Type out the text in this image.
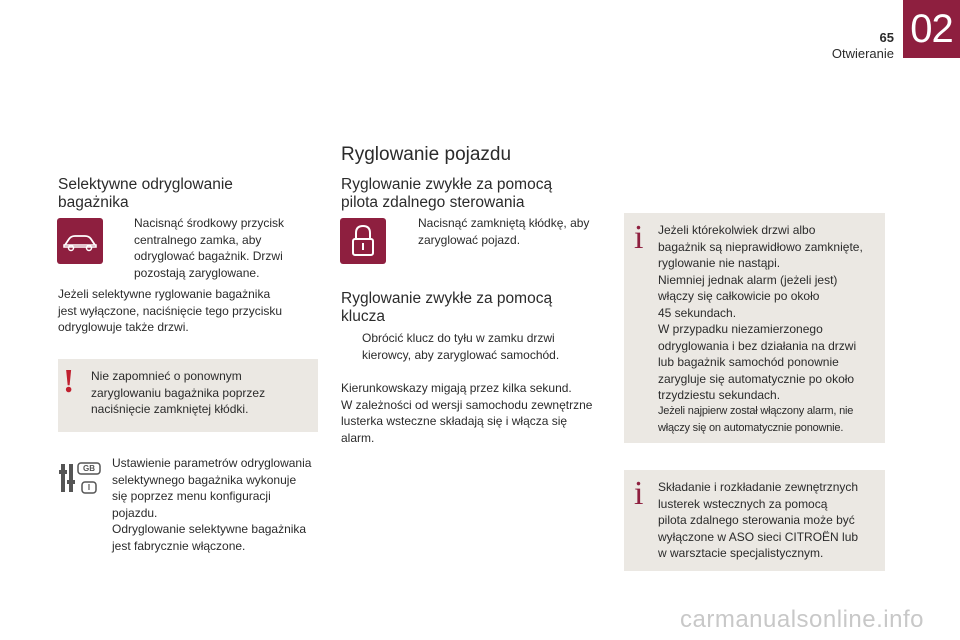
02
65
Otwieranie
Ryglowanie pojazdu
Selektywne odryglowanie
bagażnika
Nacisnąć środkowy przycisk
centralnego zamka, aby
odryglować bagażnik. Drzwi
pozostają zaryglowane.
Jeżeli selektywne ryglowanie bagażnika
jest wyłączone, naciśnięcie tego przycisku
odryglowuje także drzwi.
! Nie zapomnieć o ponownym
zaryglowaniu bagażnika poprzez
naciśnięcie zamkniętej kłódki.
GB
I
Ustawienie parametrów odryglowania
selektywnego bagażnika wykonuje
się poprzez menu konfiguracji
pojazdu.
Odryglowanie selektywne bagażnika
jest fabrycznie włączone.
Ryglowanie zwykłe za pomocą
pilota zdalnego sterowania
Nacisnąć zamkniętą kłódkę, aby
zaryglować pojazd.
Ryglowanie zwykłe za pomocą
klucza
Obrócić klucz do tyłu w zamku drzwi
kierowcy, aby zaryglować samochód.
Kierunkowskazy migają przez kilka sekund.
W zależności od wersji samochodu zewnętrzne
lusterka wsteczne składają się i włącza się
alarm.
i Jeżeli którekolwiek drzwi albo
bagażnik są nieprawidłowo zamknięte,
ryglowanie nie nastąpi.
Niemniej jednak alarm (jeżeli jest)
włączy się całkowicie po około
45 sekundach.
W przypadku niezamierzonego
odryglowania i bez działania na drzwi
lub bagażnik samochód ponownie
zarygluje się automatycznie po około
trzydziestu sekundach.
Jeżeli najpierw został włączony alarm, nie
włączy się on automatycznie ponownie.
i Składanie i rozkładanie zewnętrznych
lusterek wstecznych za pomocą
pilota zdalnego sterowania może być
wyłączone w ASO sieci CITROËN lub
w warsztacie specjalistycznym.
carmanualsonline.info
